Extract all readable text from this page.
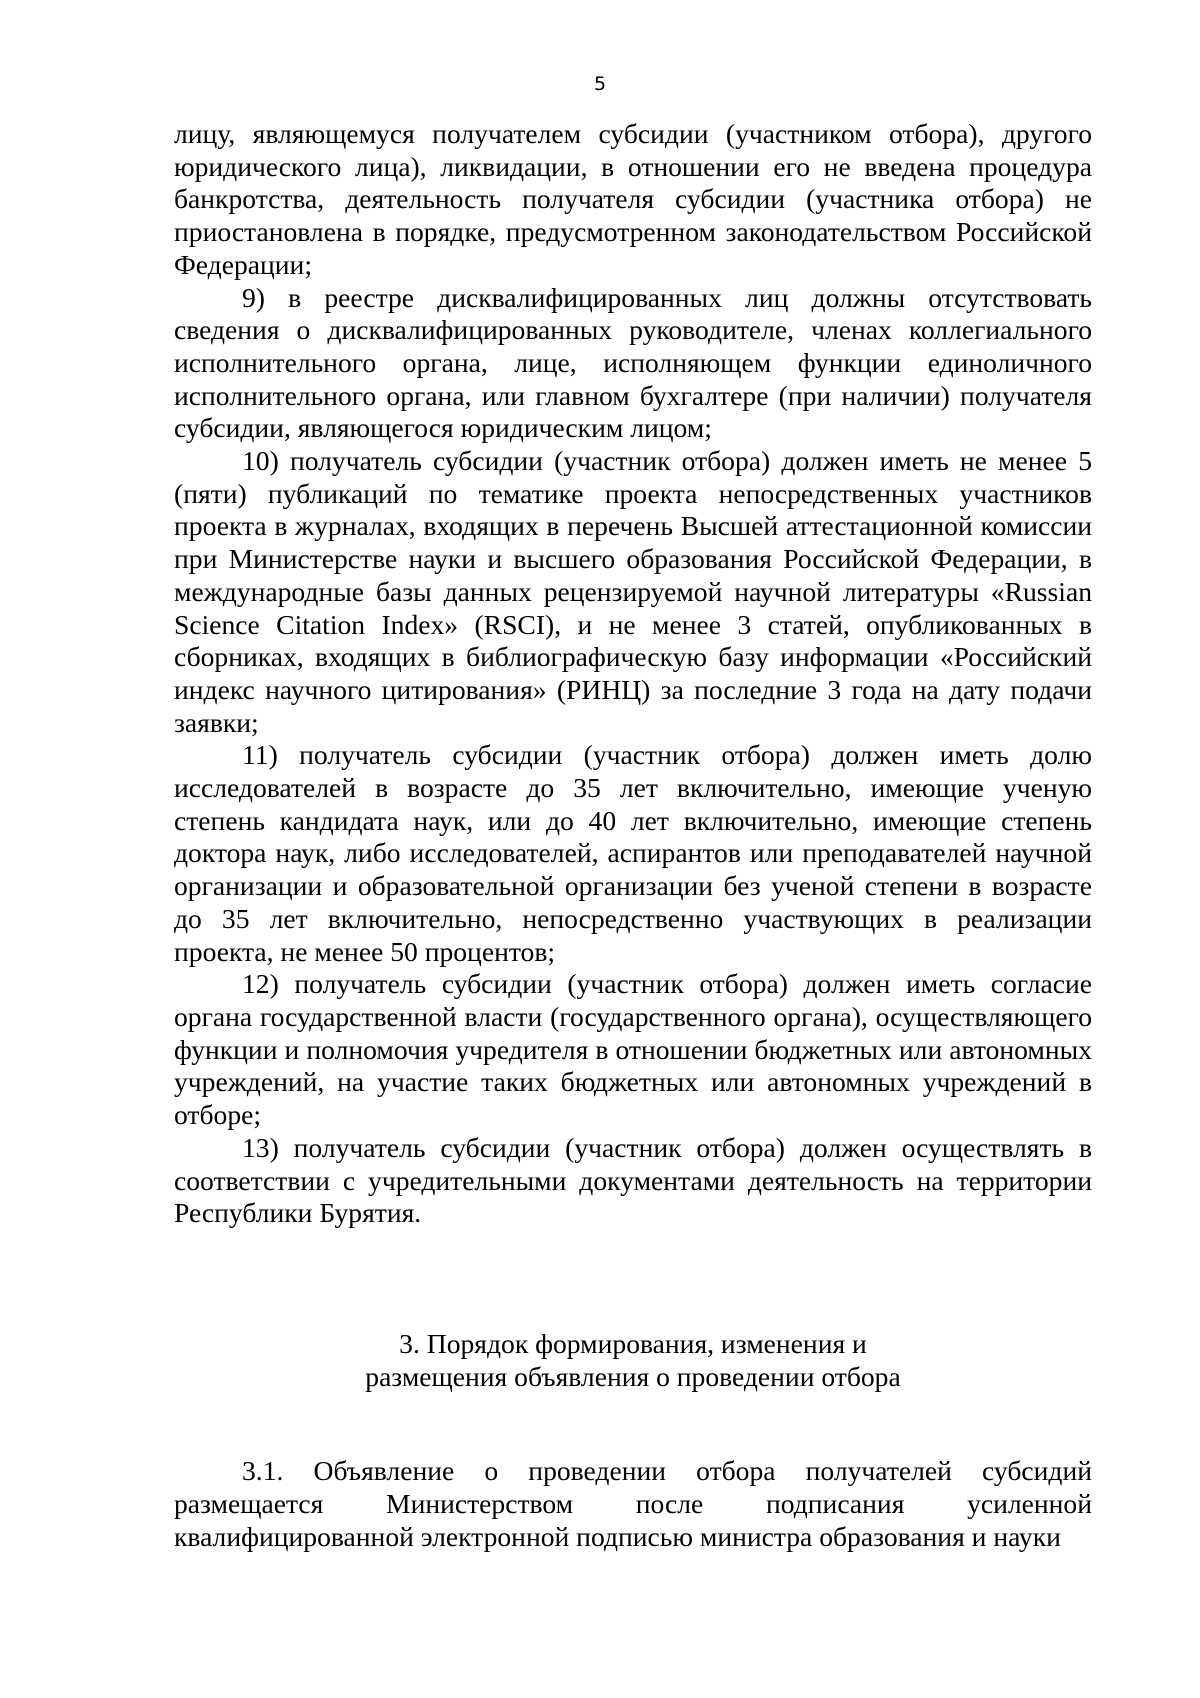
5

лицу, являющемуся получателем субсидии (участником отбора), другого юридического лица), ликвидации, в отношении его не введена процедура банкротства, деятельность получателя субсидии (участника отбора) не приостановлена в порядке, предусмотренном законодательством Российской Федерации;

9) в реестре дисквалифицированных лиц должны отсутствовать сведения о дисквалифицированных руководителе, членах коллегиального исполнительного органа, лице, исполняющем функции единоличного исполнительного органа, или главном бухгалтере (при наличии) получателя субсидии, являющегося юридическим лицом;

10) получатель субсидии (участник отбора) должен иметь не менее 5 (пяти) публикаций по тематике проекта непосредственных участников проекта в журналах, входящих в перечень Высшей аттестационной комиссии при Министерстве науки и высшего образования Российской Федерации, в международные базы данных рецензируемой научной литературы «Russian Science Citation Index» (RSCI), и не менее 3 статей, опубликованных в сборниках, входящих в библиографическую базу информации «Российский индекс научного цитирования» (РИНЦ) за последние 3 года на дату подачи заявки;

11) получатель субсидии (участник отбора) должен иметь долю исследователей в возрасте до 35 лет включительно, имеющие ученую степень кандидата наук, или до 40 лет включительно, имеющие степень доктора наук, либо исследователей, аспирантов или преподавателей научной организации и образовательной организации без ученой степени в возрасте до 35 лет включительно, непосредственно участвующих в реализации проекта, не менее 50 процентов;

12) получатель субсидии (участник отбора) должен иметь согласие органа государственной власти (государственного органа), осуществляющего функции и полномочия учредителя в отношении бюджетных или автономных учреждений, на участие таких бюджетных или автономных учреждений в отборе;

13) получатель субсидии (участник отбора) должен осуществлять в соответствии с учредительными документами деятельность на территории Республики Бурятия.

3. Порядок формирования, изменения и

размещения объявления о проведении отбора

3.1. Объявление о проведении отбора получателей субсидий размещается Министерством после подписания усиленной квалифицированной электронной подписью министра образования и науки
